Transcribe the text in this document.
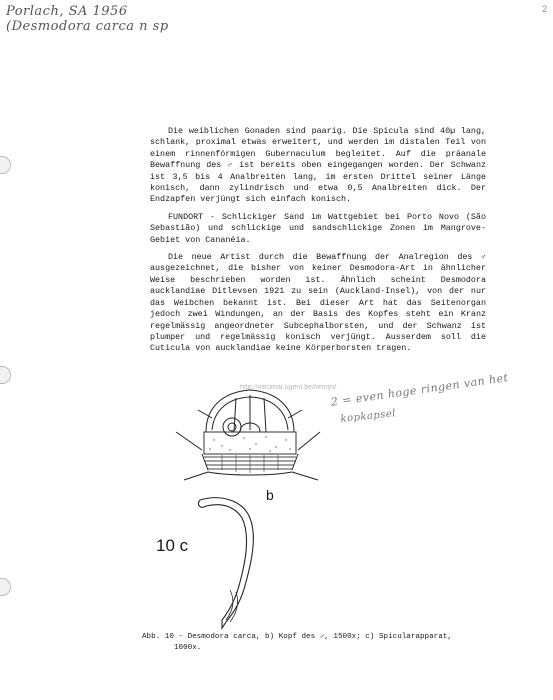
Porlach, SA 1956
(Desmodora carca n sp
2

Die weiblichen Gonaden sind paarig. Die Spicula sind 40µ lang, schlank, proximal etwas erweitert, und werden im distalen Teil von einem rinnenförmigen Gubernaculum begleitet. Auf die präanale Bewaffnung des ♂ ist bereits oben eingegangen worden. Der Schwanz ist 3,5 bis 4 Analbreiten lang, im ersten Drittel seiner Länge konisch, dann zylindrisch und etwa 0,5 Analbreiten dick. Der Endzapfen verjüngt sich einfach konisch.

FUNDORT - Schlickiger Sand im Wattgebiet bei Porto Novo (São Sebastião) und schlickige und sandschlickige Zonen im Mangrove-Gebiet von Cananéia.

Die neue Artist durch die Bewaffnung der Analregion des ♂ ausgezeichnet, die bisher von keiner Desmodora-Art in ähnlicher Weise beschrieben worden ist. Ähnlich scheint Desmodora aucklandiae Ditlevsen 1921 zu sein (Auckland-Insel), von der nur das Weibchen bekannt ist. Bei dieser Art hat das Seitenorgan jedoch zwei Windungen, an der Basis des Kopfes steht ein Kranz regelmässig angeordneter Subcephalborsten, und der Schwanz ist plumper und regelmässig konisch verjüngt. Ausserdem soll die Cuticula von aucklandiae keine Körperborsten tragen.

http://intromar.ugent.be/nemys/
2 = even hoge ringen van het
kopkapsel
b
10 c
Abb. 10 - Desmodora carca, b) Kopf des ♂, 1500x; c) Spicularapparat,
1000x.
